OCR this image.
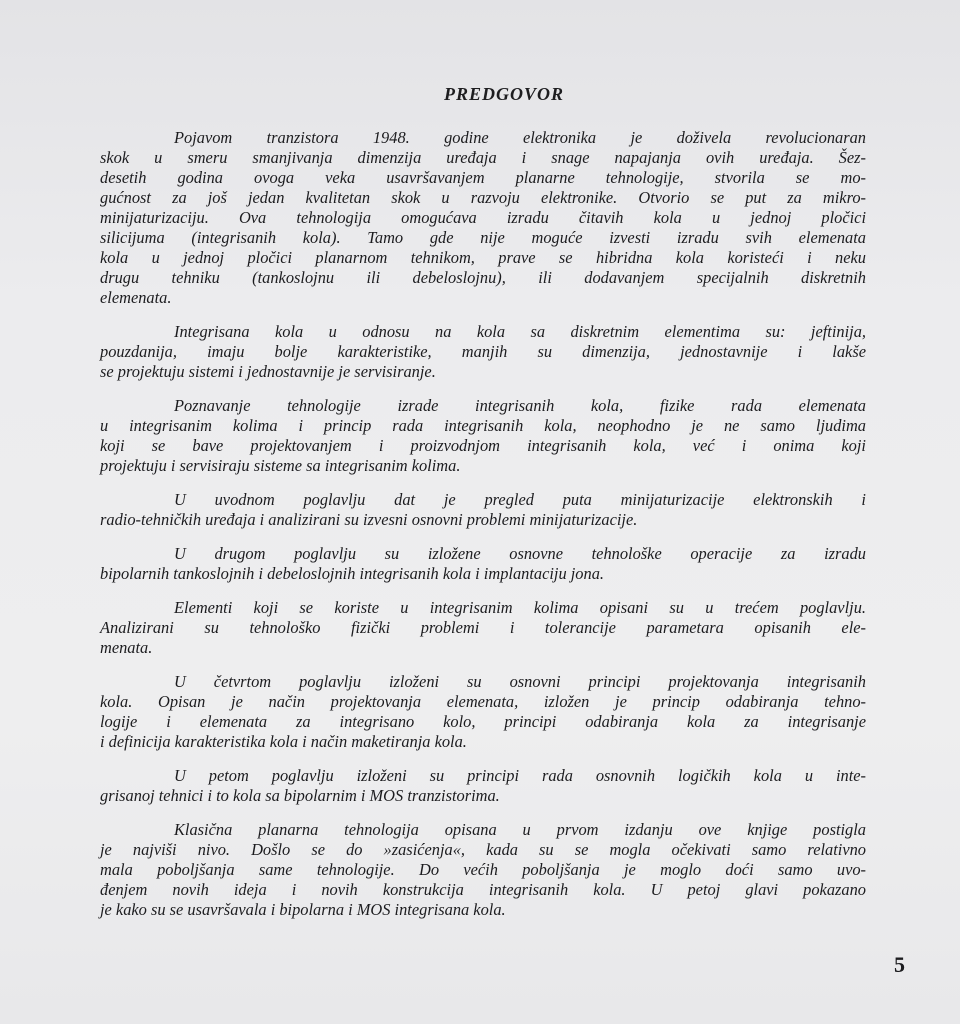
PREDGOVOR
Pojavom tranzistora 1948. godine elektronika je doživela revolucionaran
skok u smeru smanjivanja dimenzija uređaja i snage napajanja ovih uređaja. Šez-
desetih godina ovoga veka usavršavanjem planarne tehnologije, stvorila se mo-
gućnost za još jedan kvalitetan skok u razvoju elektronike. Otvorio se put za mikro-
minijaturizaciju. Ova tehnologija omogućava izradu čitavih kola u jednoj pločici
silicijuma (integrisanih kola). Tamo gde nije moguće izvesti izradu svih elemenata
kola u jednoj pločici planarnom tehnikom, prave se hibridna kola koristeći i neku
drugu tehniku (tankoslojnu ili debeloslojnu), ili dodavanjem specijalnih diskretnih
elemenata.
Integrisana kola u odnosu na kola sa diskretnim elementima su: jeftinija,
pouzdanija, imaju bolje karakteristike, manjih su dimenzija, jednostavnije i lakše
se projektuju sistemi i jednostavnije je servisiranje.
Poznavanje tehnologije izrade integrisanih kola, fizike rada elemenata
u integrisanim kolima i princip rada integrisanih kola, neophodno je ne samo ljudima
koji se bave projektovanjem i proizvodnjom integrisanih kola, već i onima koji
projektuju i servisiraju sisteme sa integrisanim kolima.
U uvodnom poglavlju dat je pregled puta minijaturizacije elektronskih i
radio-tehničkih uređaja i analizirani su izvesni osnovni problemi minijaturizacije.
U drugom poglavlju su izložene osnovne tehnološke operacije za izradu
bipolarnih tankoslojnih i debeloslojnih integrisanih kola i implantaciju jona.
Elementi koji se koriste u integrisanim kolima opisani su u trećem poglavlju.
Analizirani su tehnološko fizički problemi i tolerancije parametara opisanih ele-
menata.
U četvrtom poglavlju izloženi su osnovni principi projektovanja integrisanih
kola. Opisan je način projektovanja elemenata, izložen je princip odabiranja tehno-
logije i elemenata za integrisano kolo, principi odabiranja kola za integrisanje
i definicija karakteristika kola i način maketiranja kola.
U petom poglavlju izloženi su principi rada osnovnih logičkih kola u inte-
grisanoj tehnici i to kola sa bipolarnim i MOS tranzistorima.
Klasična planarna tehnologija opisana u prvom izdanju ove knjige postigla
je najviši nivo. Došlo se do »zasićenja«, kada su se mogla očekivati samo relativno
mala poboljšanja same tehnologije. Do većih poboljšanja je moglo doći samo uvo-
đenjem novih ideja i novih konstrukcija integrisanih kola. U petoj glavi pokazano
je kako su se usavršavala i bipolarna i MOS integrisana kola.
5
